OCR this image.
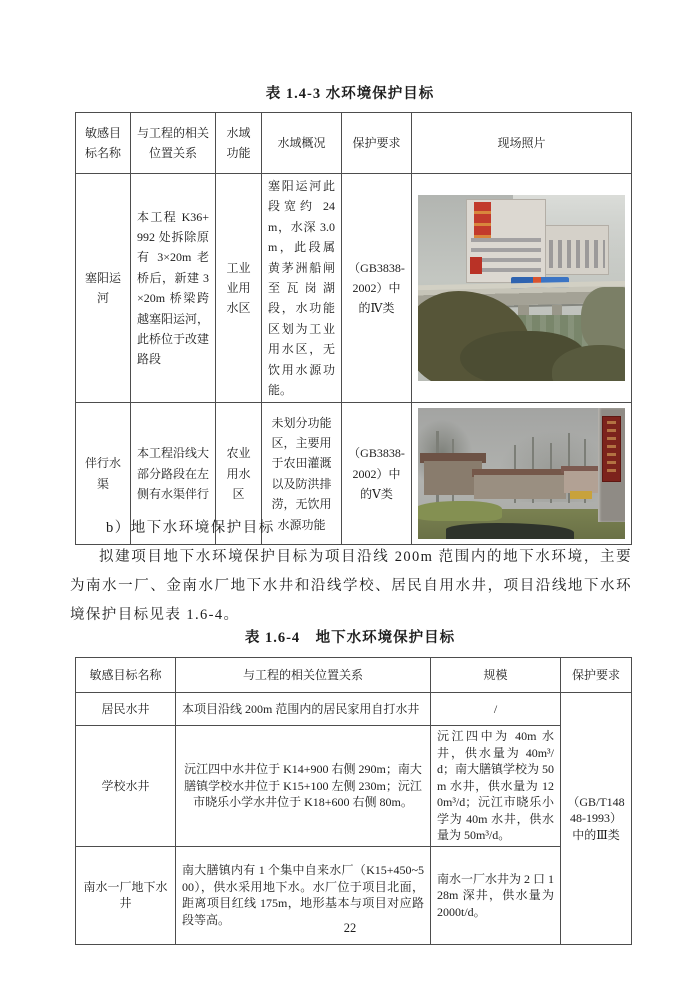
表 1.4-3 水环境保护目标
敏感目标名称	与工程的相关位置关系	水域功能	水域概况	保护要求	现场照片
塞阳运河	本工程 K36+992 处拆除原有 3×20m 老桥后，新建 3×20m 桥梁跨越塞阳运河，此桥位于改建路段	工业业用水区	塞阳运河此段宽约 24m，水深 3.0m，此段属黄茅洲船闸至瓦岗湖段，水功能区划为工业用水区，无饮用水源功能。	（GB3838-2002）中的Ⅳ类	

伴行水渠	本工程沿线大部分路段在左侧有水渠伴行	农业用水区	未划分功能区，主要用于农田灌溉以及防洪排涝，无饮用水源功能	（GB3838-2002）中的Ⅴ类	
b）地下水环境保护目标
拟建项目地下水环境保护目标为项目沿线 200m 范围内的地下水环境，主要为南水一厂、金南水厂地下水井和沿线学校、居民自用水井，项目沿线地下水环境保护目标见表 1.6-4。
表 1.6-4　地下水环境保护目标
敏感目标名称	与工程的相关位置关系	规模	保护要求
居民水井	本项目沿线 200m 范围内的居民家用自打水井	/	（GB/T14848-1993）中的Ⅲ类
学校水井	沅江四中水井位于 K14+900 右侧 290m；南大膳镇学校水井位于 K15+100 左侧 230m；沅江市晓乐小学水井位于 K18+600 右侧 80m。	沅江四中为 40m 水井，供水量为 40m³/d；南大膳镇学校为 50m 水井，供水量为 120m³/d；沅江市晓乐小学为 40m 水井，供水量为 50m³/d。	
南水一厂地下水井	南大膳镇内有 1 个集中自来水厂（K15+450~500），供水采用地下水。水厂位于项目北面，距离项目红线 175m，地形基本与项目对应路段等高。	南水一厂水井为 2 口 128m 深井，供水量为 2000t/d。	
22
